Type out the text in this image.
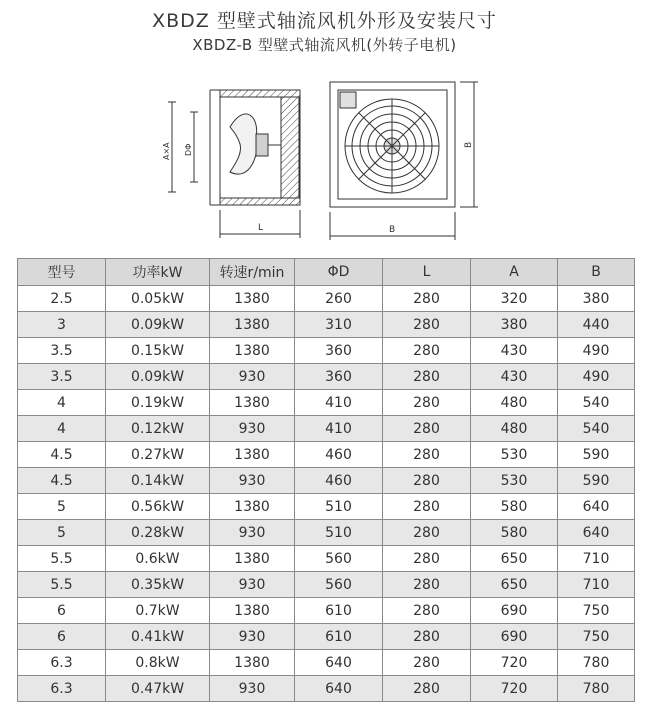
XBDZ 型壁式轴流风机外形及安装尺寸
XBDZ-B 型壁式轴流风机(外转子电机)
L
A×A DΦ
B
B
型号	功率kW	转速r/min	ΦD	L	A	B
2.5	0.05kW	1380	260	280	320	380
3	0.09kW	1380	310	280	380	440
3.5	0.15kW	1380	360	280	430	490
3.5	0.09kW	930	360	280	430	490
4	0.19kW	1380	410	280	480	540
4	0.12kW	930	410	280	480	540
4.5	0.27kW	1380	460	280	530	590
4.5	0.14kW	930	460	280	530	590
5	0.56kW	1380	510	280	580	640
5	0.28kW	930	510	280	580	640
5.5	0.6kW	1380	560	280	650	710
5.5	0.35kW	930	560	280	650	710
6	0.7kW	1380	610	280	690	750
6	0.41kW	930	610	280	690	750
6.3	0.8kW	1380	640	280	720	780
6.3	0.47kW	930	640	280	720	780
